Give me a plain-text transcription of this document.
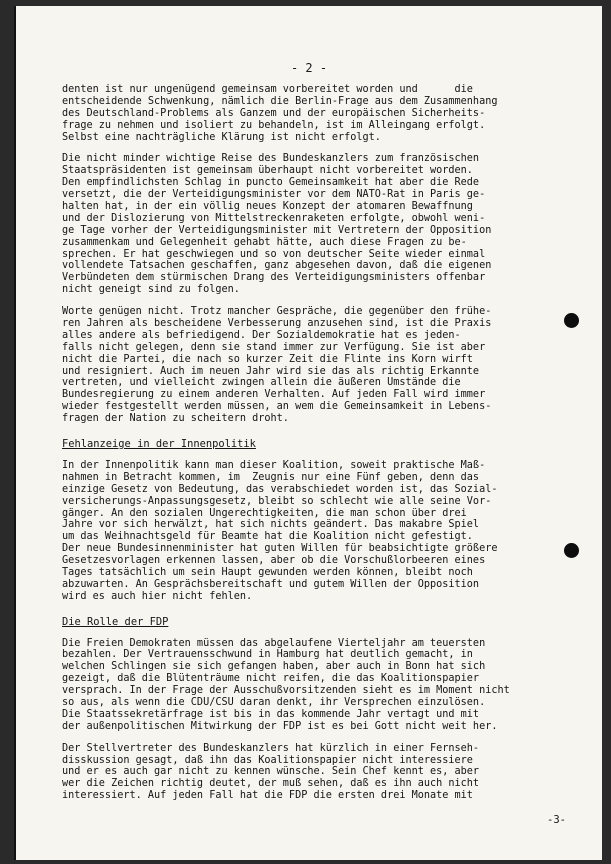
- 2 -
denten ist nur ungenügend gemeinsam vorbereitet worden und      die
entscheidende Schwenkung, nämlich die Berlin-Frage aus dem Zusammenhang
des Deutschland-Problems als Ganzem und der europäischen Sicherheits-
frage zu nehmen und isoliert zu behandeln, ist im Alleingang erfolgt.
Selbst eine nachträgliche Klärung ist nicht erfolgt.
Die nicht minder wichtige Reise des Bundeskanzlers zum französischen
Staatspräsidenten ist gemeinsam überhaupt nicht vorbereitet worden.
Den empfindlichsten Schlag in puncto Gemeinsamkeit hat aber die Rede
versetzt, die der Verteidigungsminister vor dem NATO-Rat in Paris ge-
halten hat, in der ein völlig neues Konzept der atomaren Bewaffnung
und der Dislozierung von Mittelstreckenraketen erfolgte, obwohl weni-
ge Tage vorher der Verteidigungsminister mit Vertretern der Opposition
zusammenkam und Gelegenheit gehabt hätte, auch diese Fragen zu be-
sprechen. Er hat geschwiegen und so von deutscher Seite wieder einmal
vollendete Tatsachen geschaffen, ganz abgesehen davon, daß die eigenen
Verbündeten dem stürmischen Drang des Verteidigungsministers offenbar
nicht geneigt sind zu folgen.
Worte genügen nicht. Trotz mancher Gespräche, die gegenüber den frühe-
ren Jahren als bescheidene Verbesserung anzusehen sind, ist die Praxis
alles andere als befriedigend. Der Sozialdemokratie hat es jeden-
falls nicht gelegen, denn sie stand immer zur Verfügung. Sie ist aber
nicht die Partei, die nach so kurzer Zeit die Flinte ins Korn wirft
und resigniert. Auch im neuen Jahr wird sie das als richtig Erkannte
vertreten, und vielleicht zwingen allein die äußeren Umstände die
Bundesregierung zu einem anderen Verhalten. Auf jeden Fall wird immer
wieder festgestellt werden müssen, an wem die Gemeinsamkeit in Lebens-
fragen der Nation zu scheitern droht.
Fehlanzeige in der Innenpolitik
In der Innenpolitik kann man dieser Koalition, soweit praktische Maß-
nahmen in Betracht kommen, im  Zeugnis nur eine Fünf geben, denn das
einzige Gesetz von Bedeutung, das verabschiedet worden ist, das Sozial-
versicherungs-Anpassungsgesetz, bleibt so schlecht wie alle seine Vor-
gänger. An den sozialen Ungerechtigkeiten, die man schon über drei
Jahre vor sich herwälzt, hat sich nichts geändert. Das makabre Spiel
um das Weihnachtsgeld für Beamte hat die Koalition nicht gefestigt.
Der neue Bundesinnenminister hat guten Willen für beabsichtigte größere
Gesetzesvorlagen erkennen lassen, aber ob die Vorschußlorbeeren eines
Tages tatsächlich um sein Haupt gewunden werden können, bleibt noch
abzuwarten. An Gesprächsbereitschaft und gutem Willen der Opposition
wird es auch hier nicht fehlen.
Die Rolle der FDP
Die Freien Demokraten müssen das abgelaufene Vierteljahr am teuersten
bezahlen. Der Vertrauensschwund in Hamburg hat deutlich gemacht, in
welchen Schlingen sie sich gefangen haben, aber auch in Bonn hat sich
gezeigt, daß die Blütenträume nicht reifen, die das Koalitionspapier
versprach. In der Frage der Ausschußvorsitzenden sieht es im Moment nicht
so aus, als wenn die CDU/CSU daran denkt, ihr Versprechen einzulösen.
Die Staatssekretärfrage ist bis in das kommende Jahr vertagt und mit
der außenpolitischen Mitwirkung der FDP ist es bei Gott nicht weit her.
Der Stellvertreter des Bundeskanzlers hat kürzlich in einer Fernseh-
disskussion gesagt, daß ihn das Koalitionspapier nicht interessiere
und er es auch gar nicht zu kennen wünsche. Sein Chef kennt es, aber
wer die Zeichen richtig deutet, der muß sehen, daß es ihn auch nicht
interessiert. Auf jeden Fall hat die FDP die ersten drei Monate mit
-3-
